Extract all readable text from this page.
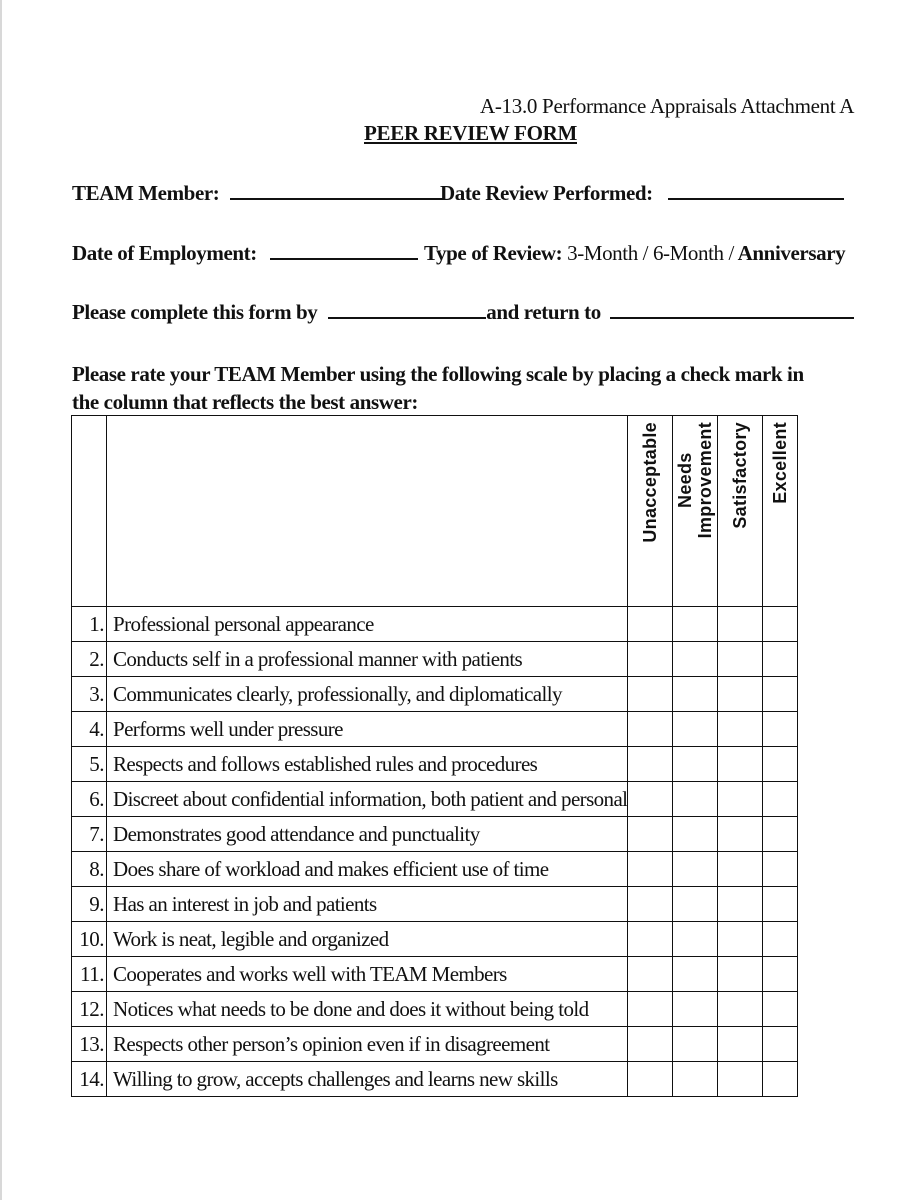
A-13.0 Performance Appraisals Attachment A
PEER REVIEW FORM
TEAM Member:	Date Review Performed:
Date of Employment:	Type of Review: 3-Month / 6-Month / Anniversary
Please complete this form by	and return to
Please rate your TEAM Member using the following scale by placing a check mark in the column that reflects the best answer:

		Unacceptable	Needs Improvement	Satisfactory	Excellent

1.	Professional personal appearance				
2.	Conducts self in a professional manner with patients				
3.	Communicates clearly, professionally, and diplomatically				
4.	Performs well under pressure				
5.	Respects and follows established rules and procedures				
6.	Discreet about confidential information, both patient and personal				
7.	Demonstrates good attendance and punctuality				
8.	Does share of workload and makes efficient use of time				
9.	Has an interest in job and patients				
10.	Work is neat, legible and organized				
11.	Cooperates and works well with TEAM Members				
12.	Notices what needs to be done and does it without being told				
13.	Respects other person’s opinion even if in disagreement				
14.	Willing to grow, accepts challenges and learns new skills				
